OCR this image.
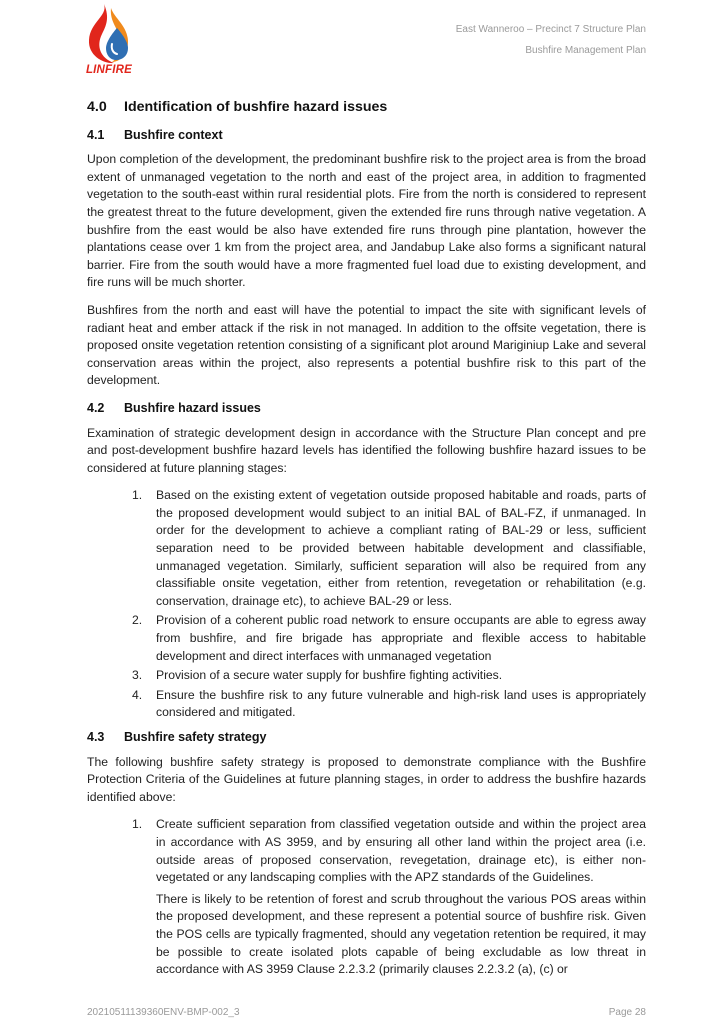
LINFIRE
East Wanneroo – Precinct 7 Structure Plan
Bushfire Management Plan
4.0 Identification of bushfire hazard issues
4.1 Bushfire context

Upon completion of the development, the predominant bushfire risk to the project area is from the broad extent of unmanaged vegetation to the north and east of the project area, in addition to fragmented vegetation to the south-east within rural residential plots. Fire from the north is considered to represent the greatest threat to the future development, given the extended fire runs through native vegetation. A bushfire from the east would be also have extended fire runs through pine plantation, however the plantations cease over 1 km from the project area, and Jandabup Lake also forms a significant natural barrier. Fire from the south would have a more fragmented fuel load due to existing development, and fire runs will be much shorter.

Bushfires from the north and east will have the potential to impact the site with significant levels of radiant heat and ember attack if the risk in not managed. In addition to the offsite vegetation, there is proposed onsite vegetation retention consisting of a significant plot around Mariginiup Lake and several conservation areas within the project, also represents a potential bushfire risk to this part of the development.

4.2 Bushfire hazard issues

Examination of strategic development design in accordance with the Structure Plan concept and pre and post-development bushfire hazard levels has identified the following bushfire hazard issues to be considered at future planning stages:

1. Based on the existing extent of vegetation outside proposed habitable and roads, parts of the proposed development would subject to an initial BAL of BAL-FZ, if unmanaged. In order for the development to achieve a compliant rating of BAL-29 or less, sufficient separation need to be provided between habitable development and classifiable, unmanaged vegetation. Similarly, sufficient separation will also be required from any classifiable onsite vegetation, either from retention, revegetation or rehabilitation (e.g. conservation, drainage etc), to achieve BAL-29 or less.
2. Provision of a coherent public road network to ensure occupants are able to egress away from bushfire, and fire brigade has appropriate and flexible access to habitable development and direct interfaces with unmanaged vegetation
3. Provision of a secure water supply for bushfire fighting activities.
4. Ensure the bushfire risk to any future vulnerable and high-risk land uses is appropriately considered and mitigated.
4.3 Bushfire safety strategy

The following bushfire safety strategy is proposed to demonstrate compliance with the Bushfire Protection Criteria of the Guidelines at future planning stages, in order to address the bushfire hazards identified above:

1. Create sufficient separation from classified vegetation outside and within the project area in accordance with AS 3959, and by ensuring all other land within the project area (i.e. outside areas of proposed conservation, revegetation, drainage etc), is either non-vegetated or any landscaping complies with the APZ standards of the Guidelines.
There is likely to be retention of forest and scrub throughout the various POS areas within the proposed development, and these represent a potential source of bushfire risk. Given the POS cells are typically fragmented, should any vegetation retention be required, it may be possible to create isolated plots capable of being excludable as low threat in accordance with AS 3959 Clause 2.2.3.2 (primarily clauses 2.2.3.2 (a), (c) or
20210511139360ENV-BMP-002_3	Page 28
